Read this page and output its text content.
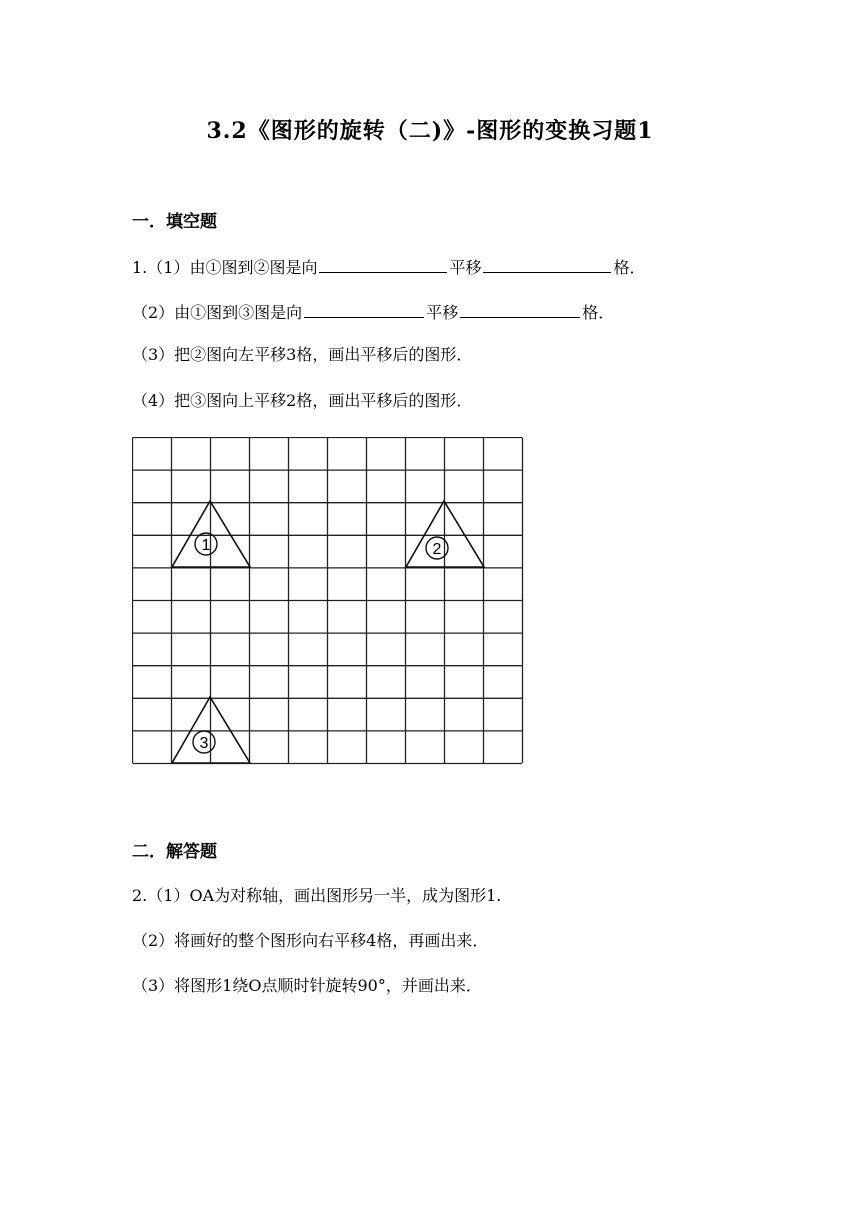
3.2《图形的旋转（二)》-图形的变换习题1
一．填空题
1.（1）由①图到②图是向	平移	格．
（2）由①图到③图是向	平移	格．
（3）把②图向左平移3格，画出平移后的图形．
（4）把③图向上平移2格，画出平移后的图形．
1	2
3
二．解答题
2.（1）OA为对称轴，画出图形另一半，成为图形1.
（2）将画好的整个图形向右平移4格，再画出来．
（3）将图形1绕O点顺时针旋转90°，并画出来．
